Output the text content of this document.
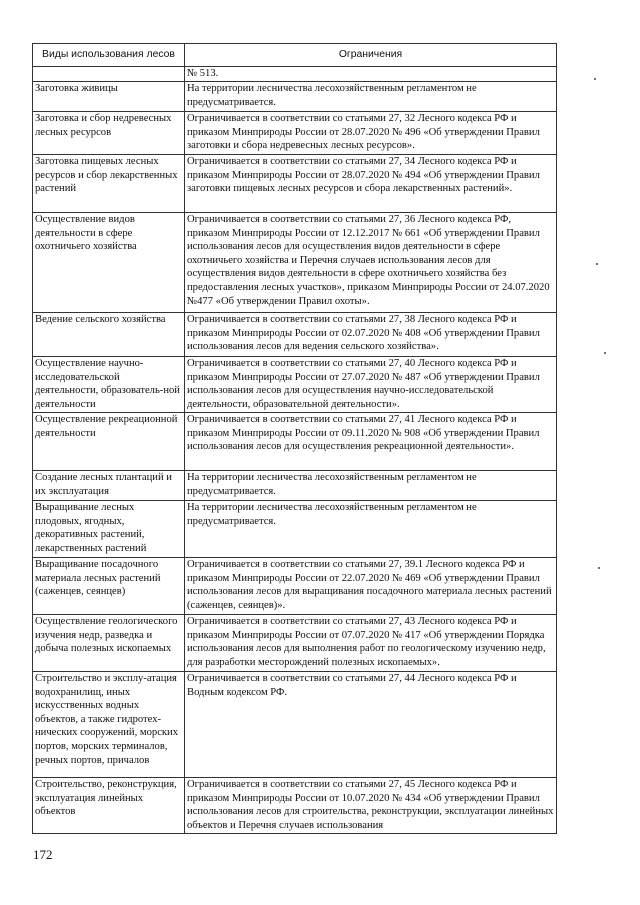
Виды использования лесов	Ограничения
	№ 513.
Заготовка живицы	На территории лесничества лесохозяйственным регламентом не предусматривается.
Заготовка и сбор недревесных лесных ресурсов	Ограничивается в соответствии со статьями 27, 32 Лесного кодекса РФ и приказом Минприроды России от 28.07.2020 № 496 «Об утверждении Правил заготовки и сбора недревесных лесных ресурсов».
Заготовка пищевых лесных ресурсов и сбор лекарственных растений	Ограничивается в соответствии со статьями 27, 34 Лесного кодекса РФ и приказом Минприроды России от 28.07.2020 № 494 «Об утверждении Правил заготовки пищевых лесных ресурсов и сбора лекарственных растений».
Осуществление видов деятельности в сфере охотничьего хозяйства	Ограничивается в соответствии со статьями 27, 36 Лесного кодекса РФ, приказом Минприроды России от 12.12.2017 № 661 «Об утверждении Правил использования лесов для осуществления видов деятельности в сфере охотничьего хозяйства и Перечня случаев использования лесов для осуществления видов деятельности в сфере охотничьего хозяйства без предоставления лесных участков», приказом Минприроды России от 24.07.2020 №477 «Об утверждении Правил охоты».
Ведение сельского хозяйства	Ограничивается в соответствии со статьями 27, 38 Лесного кодекса РФ и приказом Минприроды России от 02.07.2020 № 408 «Об утверждении Правил использования лесов для ведения сельского хозяйства».
Осуществление научно-исследовательской деятельности, образователь-ной деятельности	Ограничивается в соответствии со статьями 27, 40 Лесного кодекса РФ и приказом Минприроды России от 27.07.2020 № 487 «Об утверждении Правил использования лесов для осуществления научно-исследовательской деятельности, образовательной деятельности».
Осуществление рекреационной деятельности	Ограничивается в соответствии со статьями 27, 41 Лесного кодекса РФ и приказом Минприроды России от 09.11.2020 № 908 «Об утверждении Правил использования лесов для осуществления рекреационной деятельности».
Создание лесных плантаций и их эксплуатация	На территории лесничества лесохозяйственным регламентом не предусматривается.
Выращивание лесных плодовых, ягодных, декоративных растений, лекарственных растений	На территории лесничества лесохозяйственным регламентом не предусматривается.
Выращивание посадочного материала лесных растений (саженцев, сеянцев)	Ограничивается в соответствии со статьями 27, 39.1 Лесного кодекса РФ и приказом Минприроды России от 22.07.2020 № 469 «Об утверждении Правил использования лесов для выращивания посадочного материала лесных растений (саженцев, сеянцев)».
Осуществление геологического изучения недр, разведка и добыча полезных ископаемых	Ограничивается в соответствии со статьями 27, 43 Лесного кодекса РФ и приказом Минприроды России от 07.07.2020 № 417 «Об утверждении Порядка использования лесов для выполнения работ по геологическому изучению недр, для разработки месторождений полезных ископаемых».
Строительство и эксплу-атация водохранилищ, иных искусственных водных объектов, а также гидротех-нических сооружений, морских портов, морских терминалов, речных портов, причалов	Ограничивается в соответствии со статьями 27, 44 Лесного кодекса РФ и Водным кодексом РФ.
Строительство, реконструкция, эксплуатация линейных объектов	Ограничивается в соответствии со статьями 27, 45 Лесного кодекса РФ и приказом Минприроды России от 10.07.2020 № 434 «Об утверждении Правил использования лесов для строительства, реконструкции, эксплуатации линейных объектов и Перечня случаев использования
172
